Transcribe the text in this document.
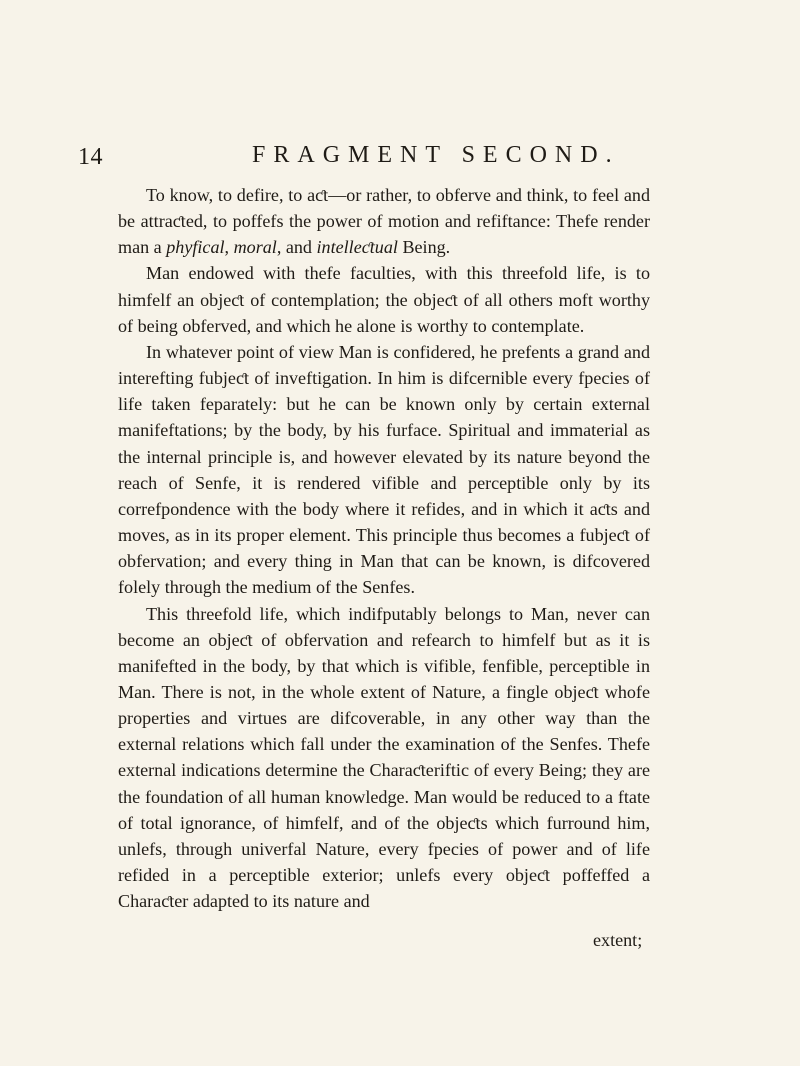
14	FRAGMENT SECOND.

To know, to defire, to aƈt—or rather, to obferve and think, to feel and be attraƈted, to poffefs the power of motion and refiftance: Thefe render man a phyfical, moral, and intelleƈtual Being.

Man endowed with thefe faculties, with this threefold life, is to himfelf an objeƈt of contemplation; the objeƈt of all others moft worthy of being obferved, and which he alone is worthy to contemplate.

In whatever point of view Man is confidered, he prefents a grand and interefting fubjeƈt of inveftigation. In him is difcernible every fpecies of life taken feparately: but he can be known only by certain external manifeftations; by the body, by his furface. Spiritual and immaterial as the internal principle is, and however elevated by its nature beyond the reach of Senfe, it is rendered vifible and perceptible only by its correfpondence with the body where it refides, and in which it aƈts and moves, as in its proper element. This principle thus becomes a fubjeƈt of obfervation; and every thing in Man that can be known, is difcovered folely through the medium of the Senfes.

This threefold life, which indifputably belongs to Man, never can become an objeƈt of obfervation and refearch to himfelf but as it is manifefted in the body, by that which is vifible, fenfible, perceptible in Man. There is not, in the whole extent of Nature, a fingle objeƈt whofe properties and virtues are difcoverable, in any other way than the external relations which fall under the examination of the Senfes. Thefe external indications determine the Charaƈteriftic of every Being; they are the foundation of all human knowledge. Man would be reduced to a ftate of total ignorance, of himfelf, and of the objeƈts which furround him, unlefs, through univerfal Nature, every fpecies of power and of life refided in a perceptible exterior; unlefs every objeƈt poffeffed a Charaƈter adapted to its nature and

extent;
